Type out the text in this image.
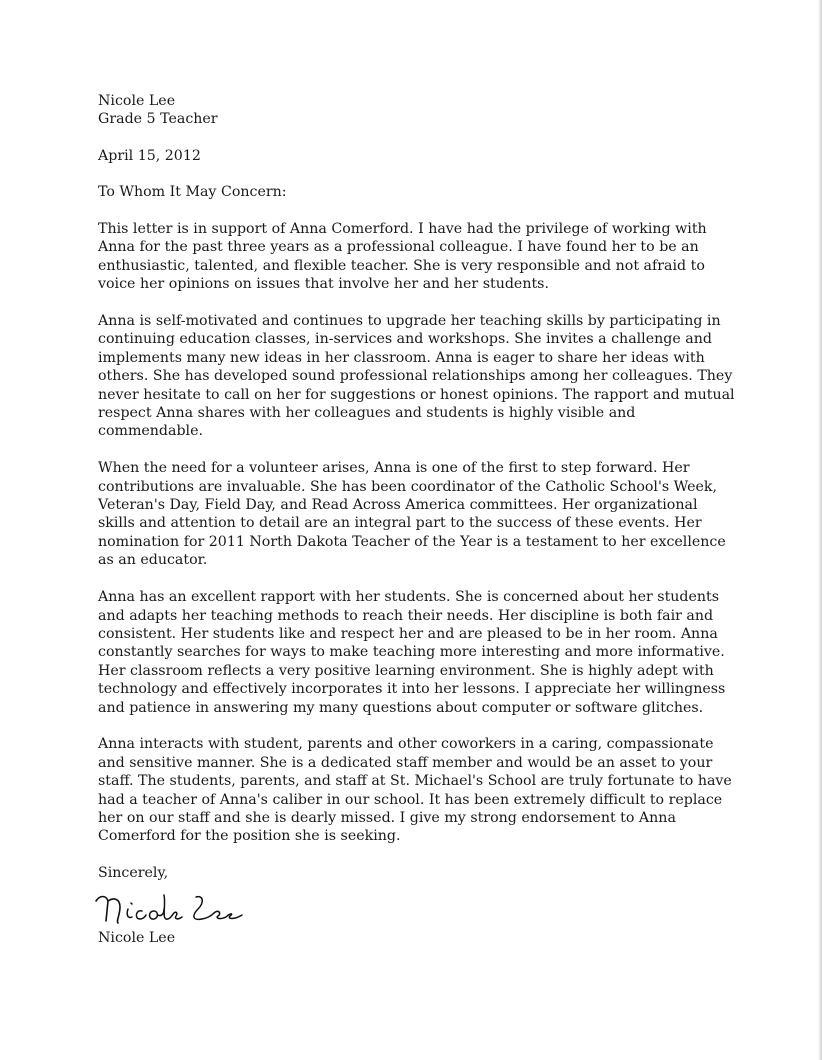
Nicole Lee

Grade 5 Teacher

April 15, 2012

To Whom It May Concern:

This letter is in support of Anna Comerford. I have had the privilege of working with

Anna for the past three years as a professional colleague. I have found her to be an

enthusiastic, talented, and flexible teacher. She is very responsible and not afraid to

voice her opinions on issues that involve her and her students.

Anna is self-motivated and continues to upgrade her teaching skills by participating in

continuing education classes, in-services and workshops. She invites a challenge and

implements many new ideas in her classroom. Anna is eager to share her ideas with

others. She has developed sound professional relationships among her colleagues. They

never hesitate to call on her for suggestions or honest opinions. The rapport and mutual

respect Anna shares with her colleagues and students is highly visible and

commendable.

When the need for a volunteer arises, Anna is one of the first to step forward. Her

contributions are invaluable. She has been coordinator of the Catholic School's Week,

Veteran's Day, Field Day, and Read Across America committees. Her organizational

skills and attention to detail are an integral part to the success of these events. Her

nomination for 2011 North Dakota Teacher of the Year is a testament to her excellence

as an educator.

Anna has an excellent rapport with her students. She is concerned about her students

and adapts her teaching methods to reach their needs. Her discipline is both fair and

consistent. Her students like and respect her and are pleased to be in her room. Anna

constantly searches for ways to make teaching more interesting and more informative.

Her classroom reflects a very positive learning environment. She is highly adept with

technology and effectively incorporates it into her lessons. I appreciate her willingness

and patience in answering my many questions about computer or software glitches.

Anna interacts with student, parents and other coworkers in a caring, compassionate

and sensitive manner. She is a dedicated staff member and would be an asset to your

staff. The students, parents, and staff at St. Michael's School are truly fortunate to have

had a teacher of Anna's caliber in our school. It has been extremely difficult to replace

her on our staff and she is dearly missed. I give my strong endorsement to Anna

Comerford for the position she is seeking.

Sincerely,

Nicole Lee
